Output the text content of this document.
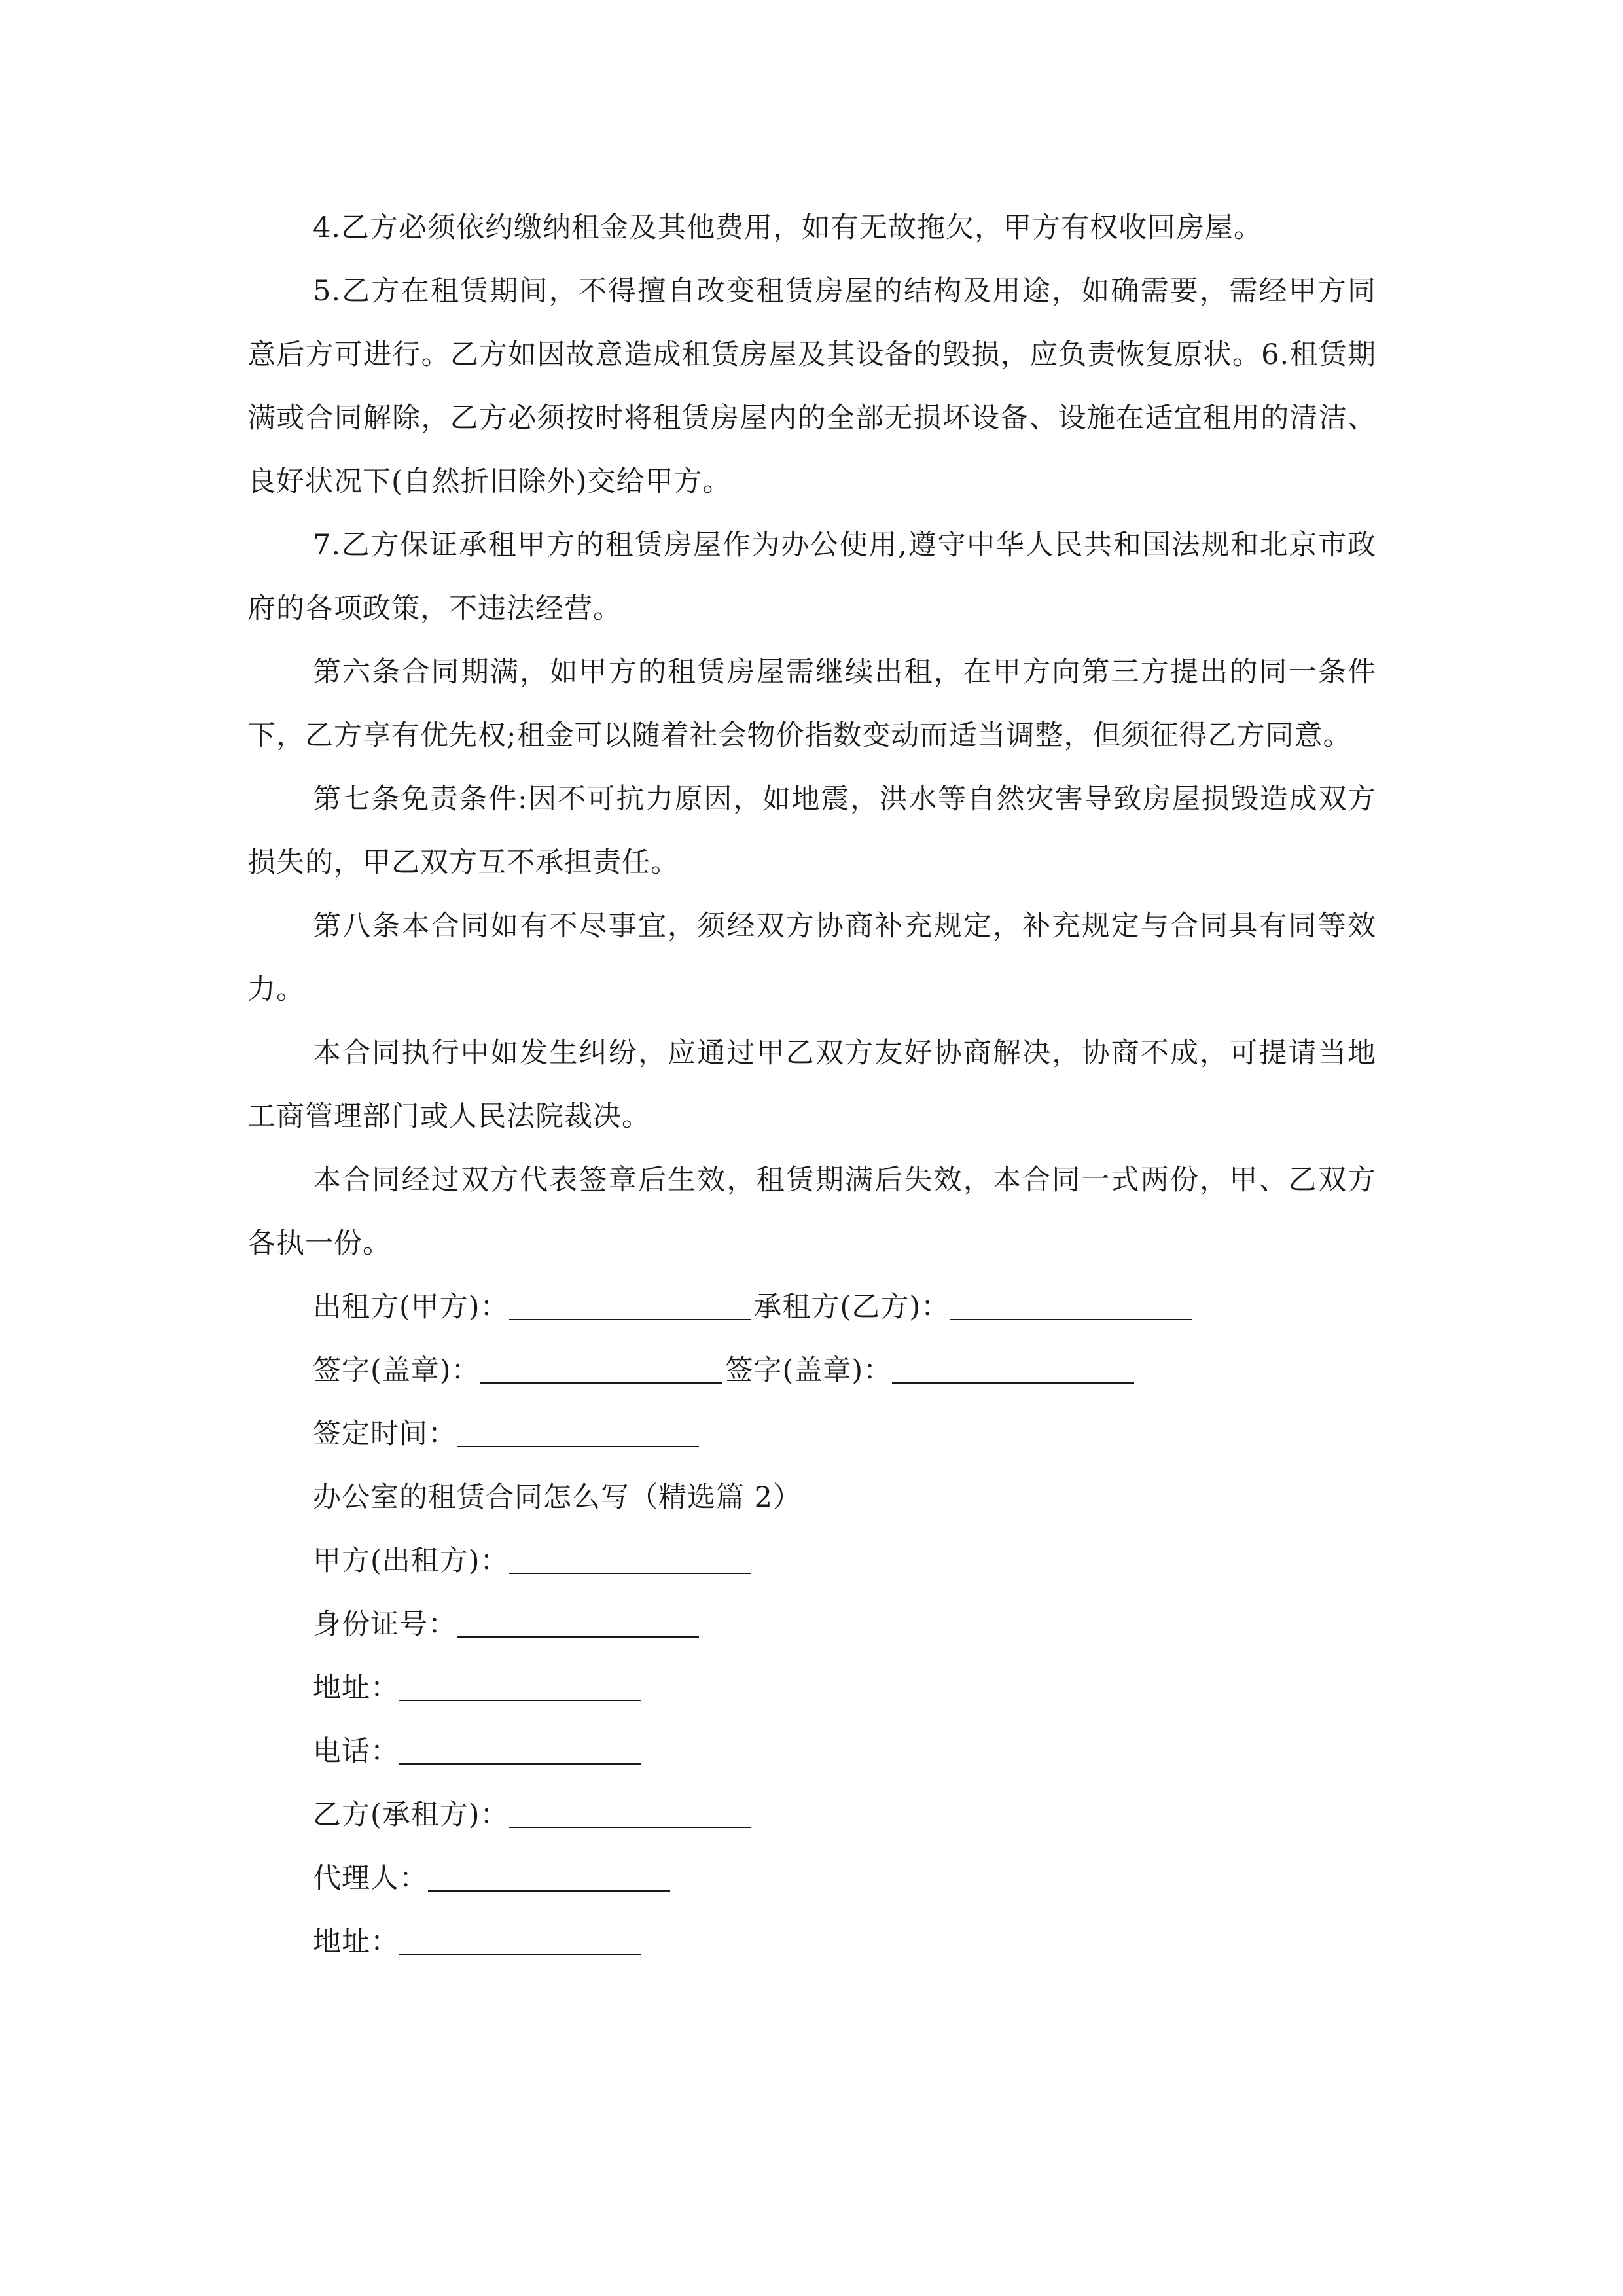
4.乙方必须依约缴纳租金及其他费用，如有无故拖欠，甲方有权收回房屋。

5.乙方在租赁期间，不得擅自改变租赁房屋的结构及用途，如确需要，需经甲方同意后方可进行。乙方如因故意造成租赁房屋及其设备的毁损，应负责恢复原状。6.租赁期满或合同解除，乙方必须按时将租赁房屋内的全部无损坏设备、设施在适宜租用的清洁、良好状况下(自然折旧除外)交给甲方。

7.乙方保证承租甲方的租赁房屋作为办公使用,遵守中华人民共和国法规和北京市政府的各项政策，不违法经营。

第六条合同期满，如甲方的租赁房屋需继续出租，在甲方向第三方提出的同一条件下，乙方享有优先权;租金可以随着社会物价指数变动而适当调整，但须征得乙方同意。

第七条免责条件:因不可抗力原因，如地震，洪水等自然灾害导致房屋损毁造成双方损失的，甲乙双方互不承担责任。

第八条本合同如有不尽事宜，须经双方协商补充规定，补充规定与合同具有同等效力。

本合同执行中如发生纠纷，应通过甲乙双方友好协商解决，协商不成，可提请当地工商管理部门或人民法院裁决。

本合同经过双方代表签章后生效，租赁期满后失效，本合同一式两份，甲、乙双方各执一份。

出租方(甲方)：	承租方(乙方)：
签字(盖章)：	签字(盖章)：
签定时间：
办公室的租赁合同怎么写（精选篇 2）
甲方(出租方)：
身份证号：
地址：
电话：
乙方(承租方)：
代理人：
地址：
